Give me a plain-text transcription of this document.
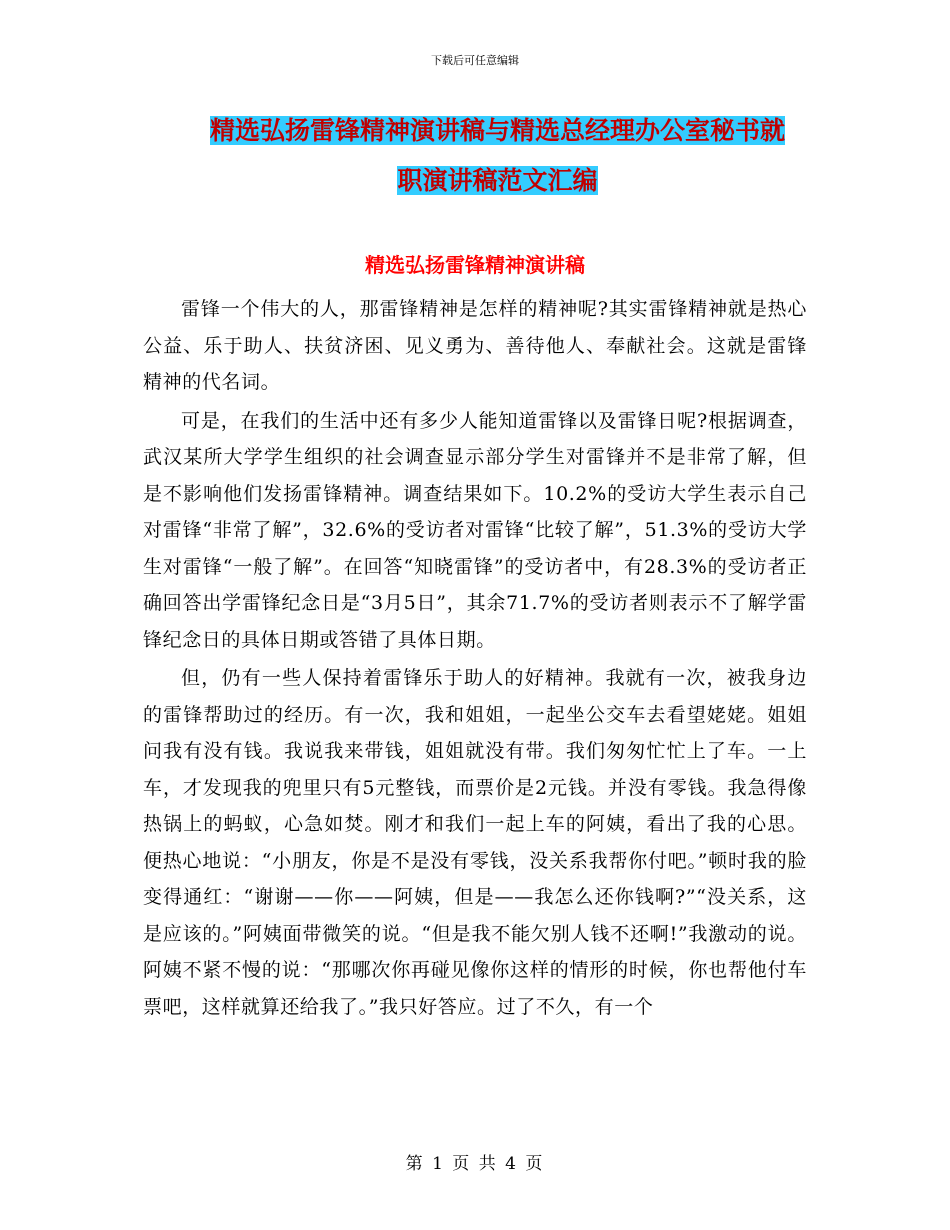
下载后可任意编辑
精选弘扬雷锋精神演讲稿与精选总经理办公室秘书就
职演讲稿范文汇编
精选弘扬雷锋精神演讲稿

雷锋一个伟大的人，那雷锋精神是怎样的精神呢?其实雷锋精神就是热心公益、乐于助人、扶贫济困、见义勇为、善待他人、奉献社会。这就是雷锋精神的代名词。

可是，在我们的生活中还有多少人能知道雷锋以及雷锋日呢?根据调查，武汉某所大学学生组织的社会调查显示部分学生对雷锋并不是非常了解，但是不影响他们发扬雷锋精神。调查结果如下。10.2%的受访大学生表示自己对雷锋“非常了解”，32.6%的受访者对雷锋“比较了解”，51.3%的受访大学生对雷锋“一般了解”。在回答“知晓雷锋”的受访者中，有28.3%的受访者正确回答出学雷锋纪念日是“3月5日”，其余71.7%的受访者则表示不了解学雷锋纪念日的具体日期或答错了具体日期。

但，仍有一些人保持着雷锋乐于助人的好精神。我就有一次，被我身边的雷锋帮助过的经历。有一次，我和姐姐，一起坐公交车去看望姥姥。姐姐问我有没有钱。我说我来带钱，姐姐就没有带。我们匆匆忙忙上了车。一上车，才发现我的兜里只有5元整钱，而票价是2元钱。并没有零钱。我急得像热锅上的蚂蚁，心急如焚。刚才和我们一起上车的阿姨，看出了我的心思。便热心地说：“小朋友，你是不是没有零钱，没关系我帮你付吧。”顿时我的脸变得通红：“谢谢——你——阿姨，但是——我怎么还你钱啊?”“没关系，这是应该的。”阿姨面带微笑的说。“但是我不能欠别人钱不还啊!”我激动的说。阿姨不紧不慢的说：“那哪次你再碰见像你这样的情形的时候，你也帮他付车票吧，这样就算还给我了。”我只好答应。过了不久，有一个

第 1 页 共 4 页
